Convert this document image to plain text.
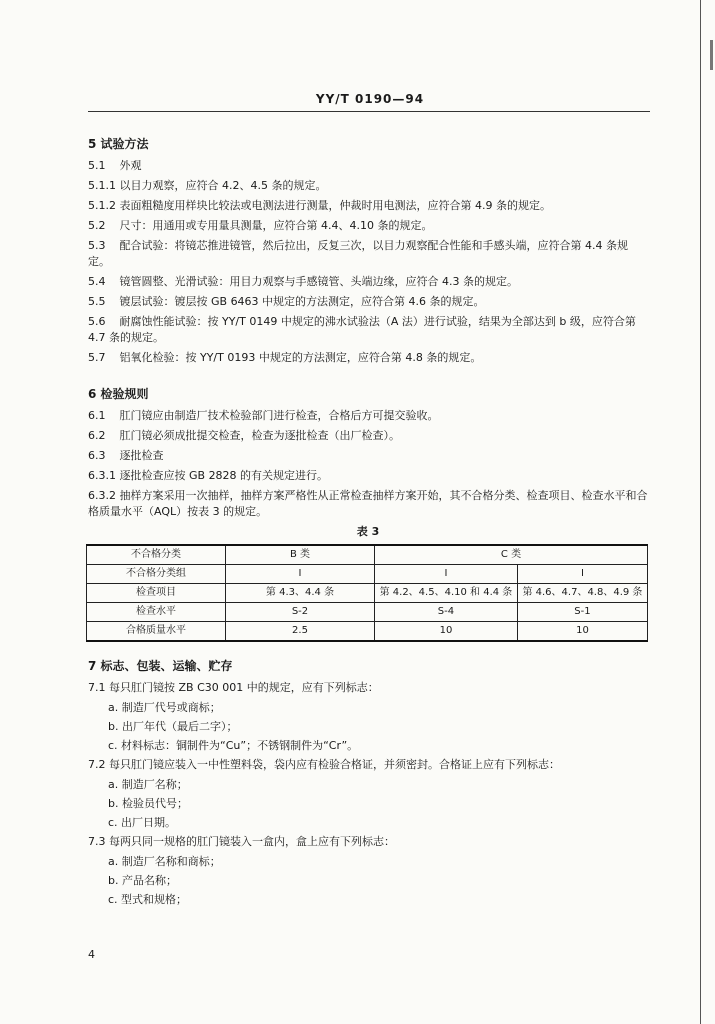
YY/T 0190—94
5 试验方法
5.1 外观
5.1.1 以目力观察，应符合 4.2、4.5 条的规定。
5.1.2 表面粗糙度用样块比较法或电测法进行测量，仲裁时用电测法，应符合第 4.9 条的规定。
5.2 尺寸：用通用或专用量具测量，应符合第 4.4、4.10 条的规定。
5.3 配合试验：将镜芯推进镜管，然后拉出，反复三次，以目力观察配合性能和手感头端，应符合第 4.4 条规定。
5.4 镜管圆整、光滑试验：用目力观察与手感镜管、头端边缘，应符合 4.3 条的规定。
5.5 镀层试验：镀层按 GB 6463 中规定的方法测定，应符合第 4.6 条的规定。
5.6 耐腐蚀性能试验：按 YY/T 0149 中规定的沸水试验法（A 法）进行试验，结果为全部达到 b 级，应符合第 4.7 条的规定。
5.7 铝氧化检验：按 YY/T 0193 中规定的方法测定，应符合第 4.8 条的规定。
6 检验规则
6.1 肛门镜应由制造厂技术检验部门进行检查，合格后方可提交验收。
6.2 肛门镜必须成批提交检查，检查为逐批检查（出厂检查）。
6.3 逐批检查
6.3.1 逐批检查应按 GB 2828 的有关规定进行。
6.3.2 抽样方案采用一次抽样，抽样方案严格性从正常检查抽样方案开始，其不合格分类、检查项目、检查水平和合格质量水平（AQL）按表 3 的规定。
表 3
不合格分类	B 类	C 类	
不合格分类组	I	I	I
检查项目	第 4.3、4.4 条	第 4.2、4.5、4.10 和 4.4 条	第 4.6、4.7、4.8、4.9 条
检查水平	S-2	S-4	S-1
合格质量水平	2.5	10	10
7 标志、包装、运输、贮存
7.1 每只肛门镜按 ZB C30 001 中的规定，应有下列标志：
a. 制造厂代号或商标；
b. 出厂年代（最后二字）；
c. 材料标志：铜制件为“Cu”；不锈钢制件为“Cr”。
7.2 每只肛门镜应装入一中性塑料袋，袋内应有检验合格证，并须密封。合格证上应有下列标志：
a. 制造厂名称；
b. 检验员代号；
c. 出厂日期。
7.3 每两只同一规格的肛门镜装入一盒内，盒上应有下列标志：
a. 制造厂名称和商标；
b. 产品名称；
c. 型式和规格；
4
